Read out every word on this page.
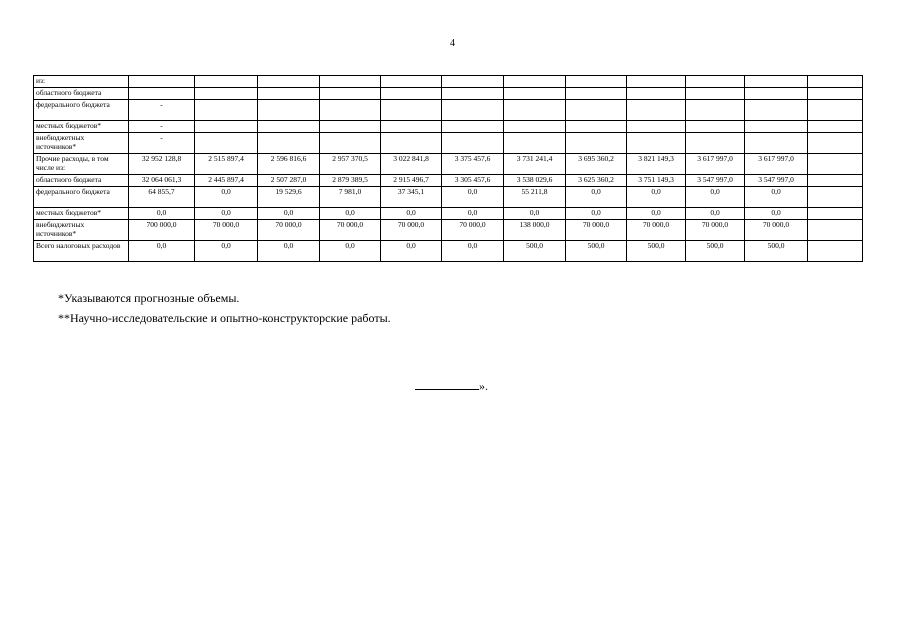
4
из:												
областного бюджета												
федерального бюджета	-											
местных бюджетов*	-											
внебюджетных источников*	-											
Прочие расходы, в том числе из:	32 952 128,8	2 515 897,4	2 596 816,6	2 957 370,5	3 022 841,8	3 375 457,6	3 731 241,4	3 695 360,2	3 821 149,3	3 617 997,0	3 617 997,0	
областного бюджета	32 064 061,3	2 445 897,4	2 507 287,0	2 879 389,5	2 915 496,7	3 305 457,6	3 538 029,6	3 625 360,2	3 751 149,3	3 547 997,0	3 547 997,0	
федерального бюджета	64 855,7	0,0	19 529,6	7 981,0	37 345,1	0,0	55 211,8	0,0	0,0	0,0	0,0	
местных бюджетов*	0,0	0,0	0,0	0,0	0,0	0,0	0,0	0,0	0,0	0,0	0,0	
внебюджетных источников*	700 000,0	70 000,0	70 000,0	70 000,0	70 000,0	70 000,0	138 000,0	70 000,0	70 000,0	70 000,0	70 000,0	
Всего налоговых расходов	0,0	0,0	0,0	0,0	0,0	0,0	500,0	500,0	500,0	500,0	500,0	
*Указываются прогнозные объемы.
**Научно-исследовательские и опытно-конструкторские работы.
».
